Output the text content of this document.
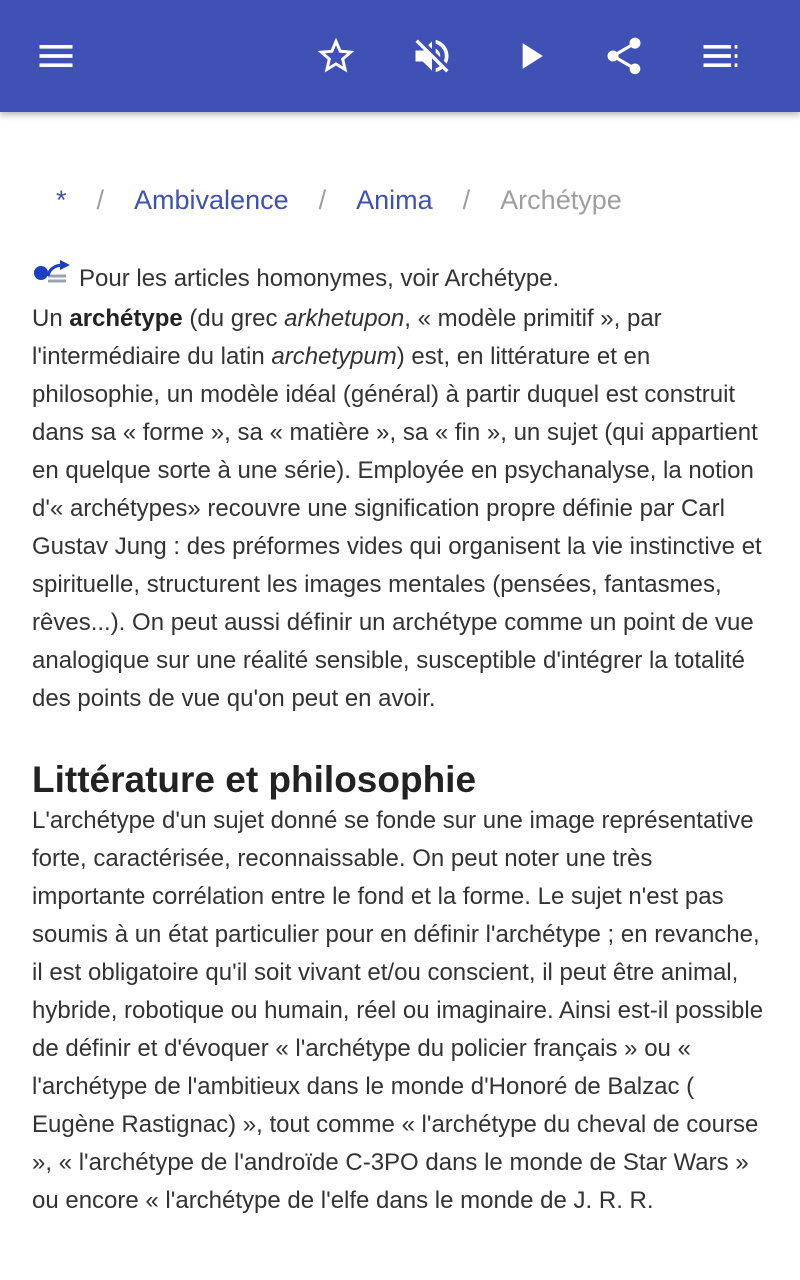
* / Ambivalence / Anima / Archétype
Pour les articles homonymes, voir Archétype.

Un archétype (du grec arkhetupon, « modèle primitif », par l'intermédiaire du latin archetypum) est, en littérature et en philosophie, un modèle idéal (général) à partir duquel est construit dans sa « forme », sa « matière », sa « fin », un sujet (qui appartient en quelque sorte à une série). Employée en psychanalyse, la notion d'« archétypes» recouvre une signification propre définie par Carl Gustav Jung : des préformes vides qui organisent la vie instinctive et spirituelle, structurent les images mentales (pensées, fantasmes, rêves...). On peut aussi définir un archétype comme un point de vue analogique sur une réalité sensible, susceptible d'intégrer la totalité des points de vue qu'on peut en avoir.

Littérature et philosophie

L'archétype d'un sujet donné se fonde sur une image représentative forte, caractérisée, reconnaissable. On peut noter une très importante corrélation entre le fond et la forme. Le sujet n'est pas soumis à un état particulier pour en définir l'archétype ; en revanche, il est obligatoire qu'il soit vivant et/ou conscient, il peut être animal, hybride, robotique ou humain, réel ou imaginaire. Ainsi est-il possible de définir et d'évoquer « l'archétype du policier français » ou « l'archétype de l'ambitieux dans le monde d'Honoré de Balzac ( Eugène Rastignac) », tout comme « l'archétype du cheval de course », « l'archétype de l'androïde C-3PO dans le monde de Star Wars » ou encore « l'archétype de l'elfe dans le monde de J. R. R.
